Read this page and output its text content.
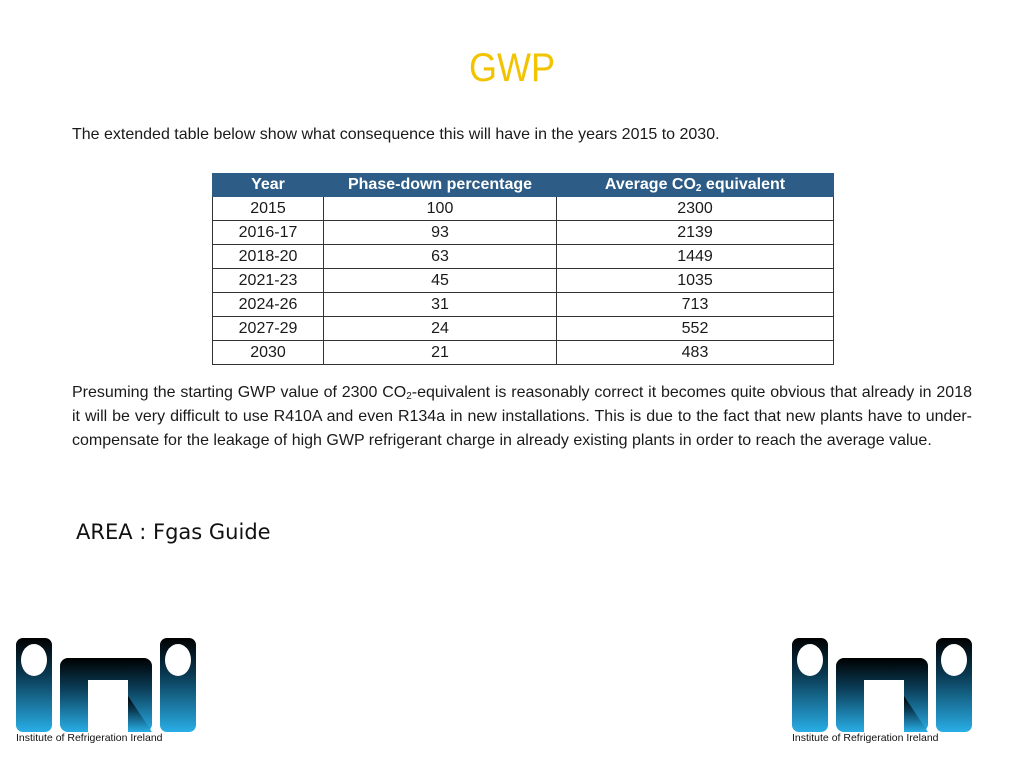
GWP
The extended table below show what consequence this will have in the years 2015 to 2030.
Year	Phase-down percentage	Average $CO_2$ equivalent
2015	100	2300
2016-17	93	2139
2018-20	63	1449
2021-23	45	1035
2024-26	31	713
2027-29	24	552
2030	21	483
Presuming the starting GWP value of 2300 $CO_2$-equivalent is reasonably correct it becomes quite obvious that already in 2018 it will be very difficult to use R410A and even R134a in new installations. This is due to the fact that new plants have to under-compensate for the leakage of high GWP refrigerant charge in already existing plants in order to reach the average value.
AREA : Fgas Guide
Institute of Refrigeration Ireland	Institute of Refrigeration Ireland
